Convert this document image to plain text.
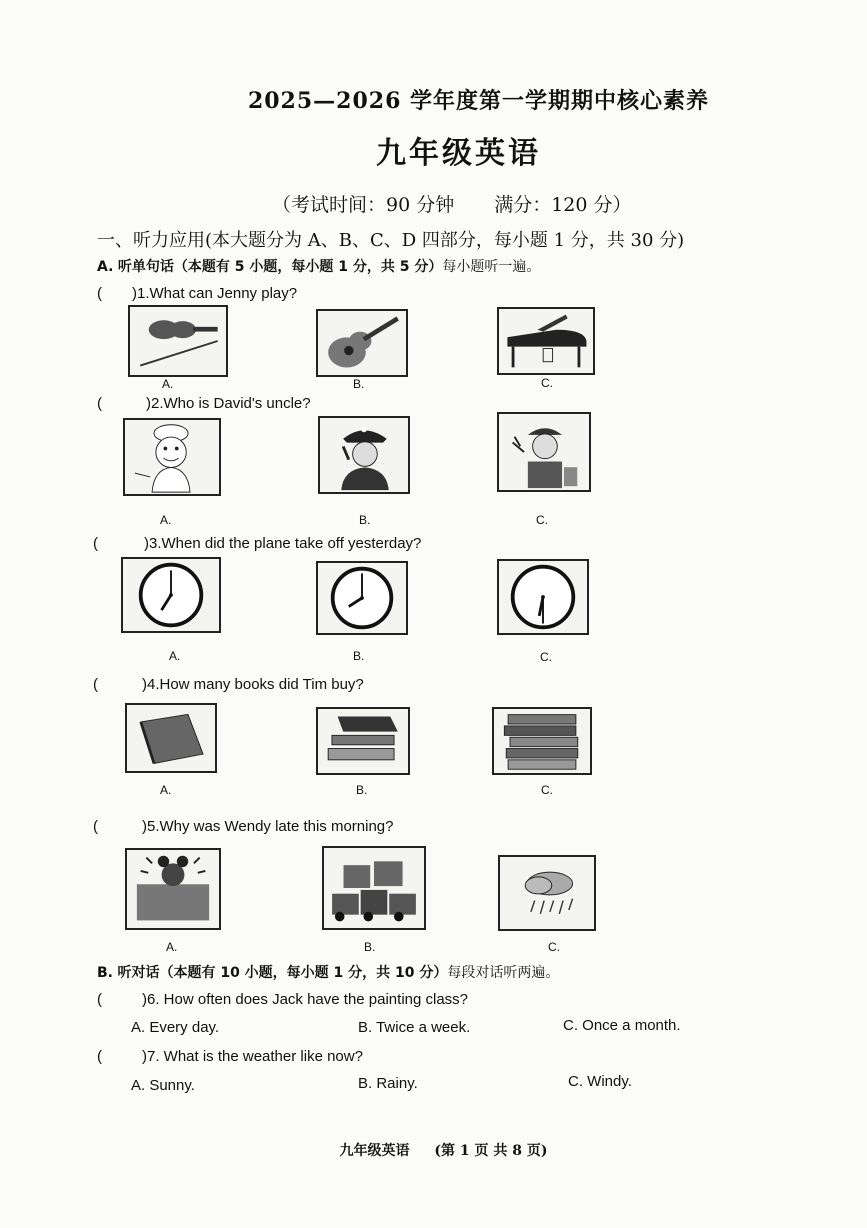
2025—2026 学年度第一学期期中核心素养
九年级英语
（考试时间：90 分钟 满分：120 分）
一、听力应用(本大题分为 A、B、C、D 四部分，每小题 1 分，共 30 分)
A. 听单句话（本题有 5 小题，每小题 1 分，共 5 分）每小题听一遍。
( )1.What can Jenny play?
A.	B.	C.
(	)2.Who is David's uncle?
A.	B.	C.
(	)3.When did the plane take off yesterday?
A.	B.	C.
(	)4.How many books did Tim buy?
A.	B.	C.
(	)5.Why was Wendy late this morning?
A.	B.	C.
B. 听对话（本题有 10 小题，每小题 1 分，共 10 分）每段对话听两遍。
(	)6. How often does Jack have the painting class?
A. Every day.	B. Twice a week.	C. Once a month.
(	)7. What is the weather like now?
A. Sunny.	B. Rainy.	C. Windy.
九年级英语 (第 1 页 共 8 页)
